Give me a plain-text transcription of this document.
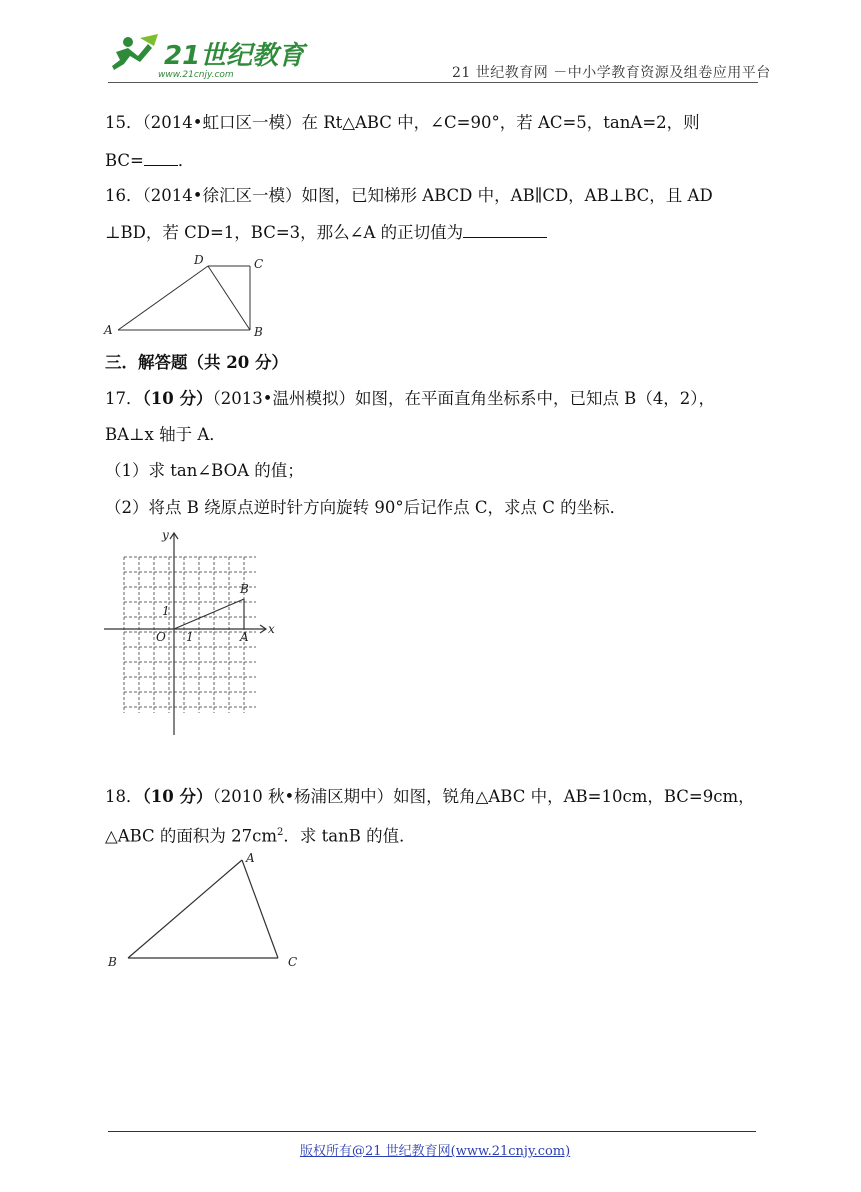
21世纪教育
www.21cnjy.com	21 世纪教育网 －中小学教育资源及组卷应用平台
15．（2014•虹口区一模）在 Rt△ABC 中，∠C=90°，若 AC=5，tanA=2，则
BC= ．
16．（2014•徐汇区一模）如图，已知梯形 ABCD 中，AB∥CD，AB⊥BC，且 AD
⊥BD，若 CD=1，BC=3，那么∠A 的正切值为
A	B
C
D
三．解答题（共 20 分）
17．（10 分）（2013•温州模拟）如图，在平面直角坐标系中，已知点 B（4，2），
BA⊥x 轴于 A．
（1）求 tan∠BOA 的值；
（2）将点 B 绕原点逆时针方向旋转 90°后记作点 C，求点 C 的坐标．
x
y
O	A
B
1
1
18．（10 分）（2010 秋•杨浦区期中）如图，锐角△ABC 中，AB=10cm，BC=9cm，
△ABC 的面积为 $27cm^2$．求 tanB 的值．
A
B	C
版权所有@21 世纪教育网(www.21cnjy.com)
